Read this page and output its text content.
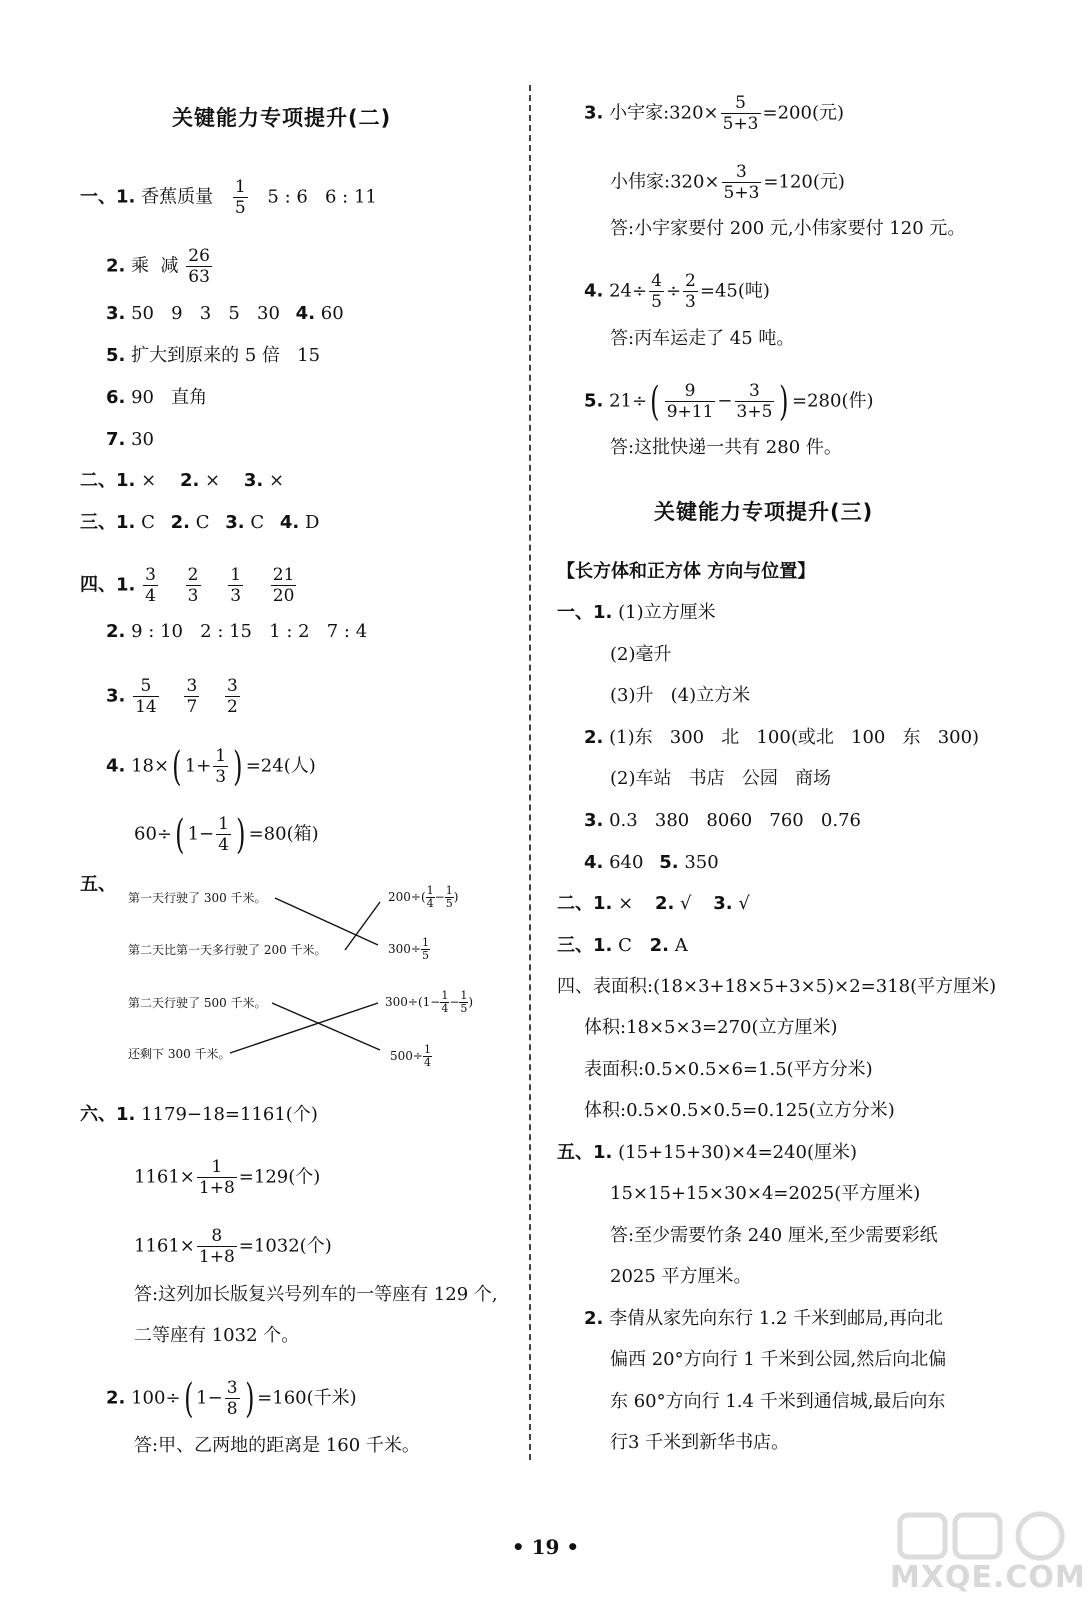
关键能力专项提升(二)
一、1. 香蕉质量 $\frac{1}{5} 5$ : 6   6 : 11
2. 乘  减 $\frac{26}{63}$
3. 50   9   3   5   30 4. 60
5. 扩大到原来的 5 倍   15
6. 90   直角
7. 30
二、1. × 2. × 3. ×
三、1. C 2. C 3. C 4. D
四、1. $\frac{3}{4}$
$\frac{2}{3}$
$\frac{1}{3}$
$\frac{21}{20}$
2. 9 : 10   2 : 15   1 : 2   7 : 4
3. $\frac{5}{14}$
$\frac{3}{7}$
$\frac{3}{2}$
4. 18×( $1+ \frac{1}{3}$ ) =24(人)
60÷( $1- \frac{1}{4}$ ) =80(箱)
五、
第一天行驶了 300 千米。
第二天比第一天多行驶了 200 千米。
第二天行驶了 500 千米。
还剩下 300 千米。
$200\div( \frac{1}{4} - \frac{1}{5}$ )
$300\div \frac{1}{5}$
$300\div(1- \frac{1}{4} - \frac{1}{5}$ )
$500\div \frac{1}{4}$
六、1. 1179−18=1161(个)
$1161\times \frac{1}{1+8} =129$(个)
$1161\times \frac{8}{1+8} =1032$(个)
答:这列加长版复兴号列车的一等座有 129 个,
二等座有 1032 个。
2. 100÷( $1- \frac{3}{8}$ ) =160(千米)
答:甲、乙两地的距离是 160 千米。
3. 小宇家:320× $\frac{5}{5+3} =200$(元)
小伟家:320× $\frac{3}{5+3} =120$(元)
答:小宇家要付 200 元,小伟家要付 120 元。
4. $24\div \frac{4}{5} \div \frac{2}{3} =45$(吨)
答:丙车运走了 45 吨。
5. $21\div( \frac{9}{9+11} - \frac{3}{3+5}$ ) =280(件)
答:这批快递一共有 280 件。
关键能力专项提升(三)
【长方体和正方体 方向与位置】
一、1. (1)立方厘米
(2)毫升
(3)升   (4)立方米
2. (1)东   300   北   100(或北   100   东   300)
(2)车站   书店   公园   商场
3. 0.3   380   8060   760   0.76
4. 640 5. 350
二、1. × 2. √ 3. √
三、1. C 2. A
四、表面积:(18×3+18×5+3×5)×2=318(平方厘米)
体积:18×5×3=270(立方厘米)
表面积:0.5×0.5×6=1.5(平方分米)
体积:0.5×0.5×0.5=0.125(立方分米)
五、1. (15+15+30)×4=240(厘米)
15×15+15×30×4=2025(平方厘米)
答:至少需要竹条 240 厘米,至少需要彩纸
2025 平方厘米。
2. 李倩从家先向东行 1.2 千米到邮局,再向北
偏西 20°方向行 1 千米到公园,然后向北偏
东 60°方向行 1.4 千米到通信城,最后向东
行3 千米到新华书店。
• 19 •
MXQE.COM
